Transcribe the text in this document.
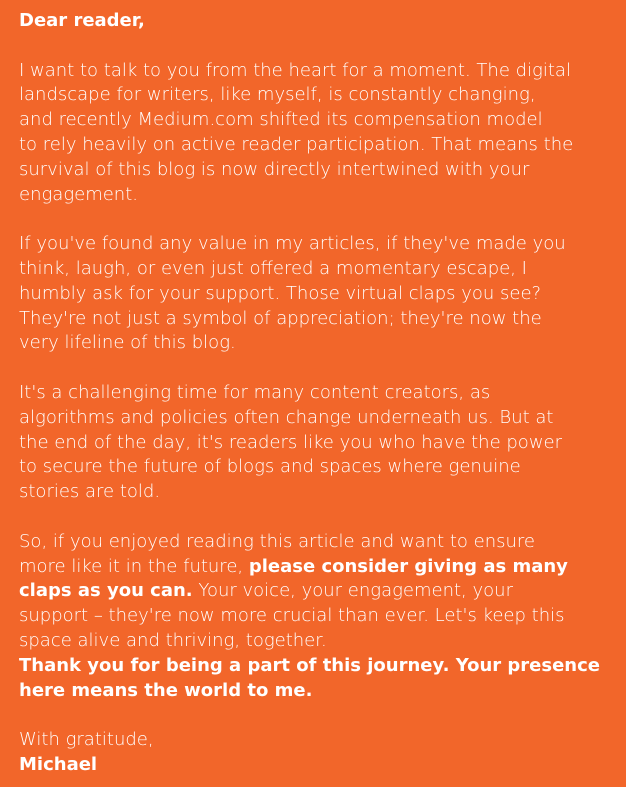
Dear reader,

I want to talk to you from the heart for a moment. The digital
landscape for writers, like myself, is constantly changing,
and recently Medium.com shifted its compensation model
to rely heavily on active reader participation. That means the
survival of this blog is now directly intertwined with your
engagement.

If you've found any value in my articles, if they've made you
think, laugh, or even just offered a momentary escape, I
humbly ask for your support. Those virtual claps you see?
They're not just a symbol of appreciation; they're now the
very lifeline of this blog.

It's a challenging time for many content creators, as
algorithms and policies often change underneath us. But at
the end of the day, it's readers like you who have the power
to secure the future of blogs and spaces where genuine
stories are told.

So, if you enjoyed reading this article and want to ensure
more like it in the future, please consider giving as many
claps as you can. Your voice, your engagement, your
support – they're now more crucial than ever. Let's keep this
space alive and thriving, together.

Thank you for being a part of this journey. Your presence
here means the world to me.

With gratitude,
Michael
